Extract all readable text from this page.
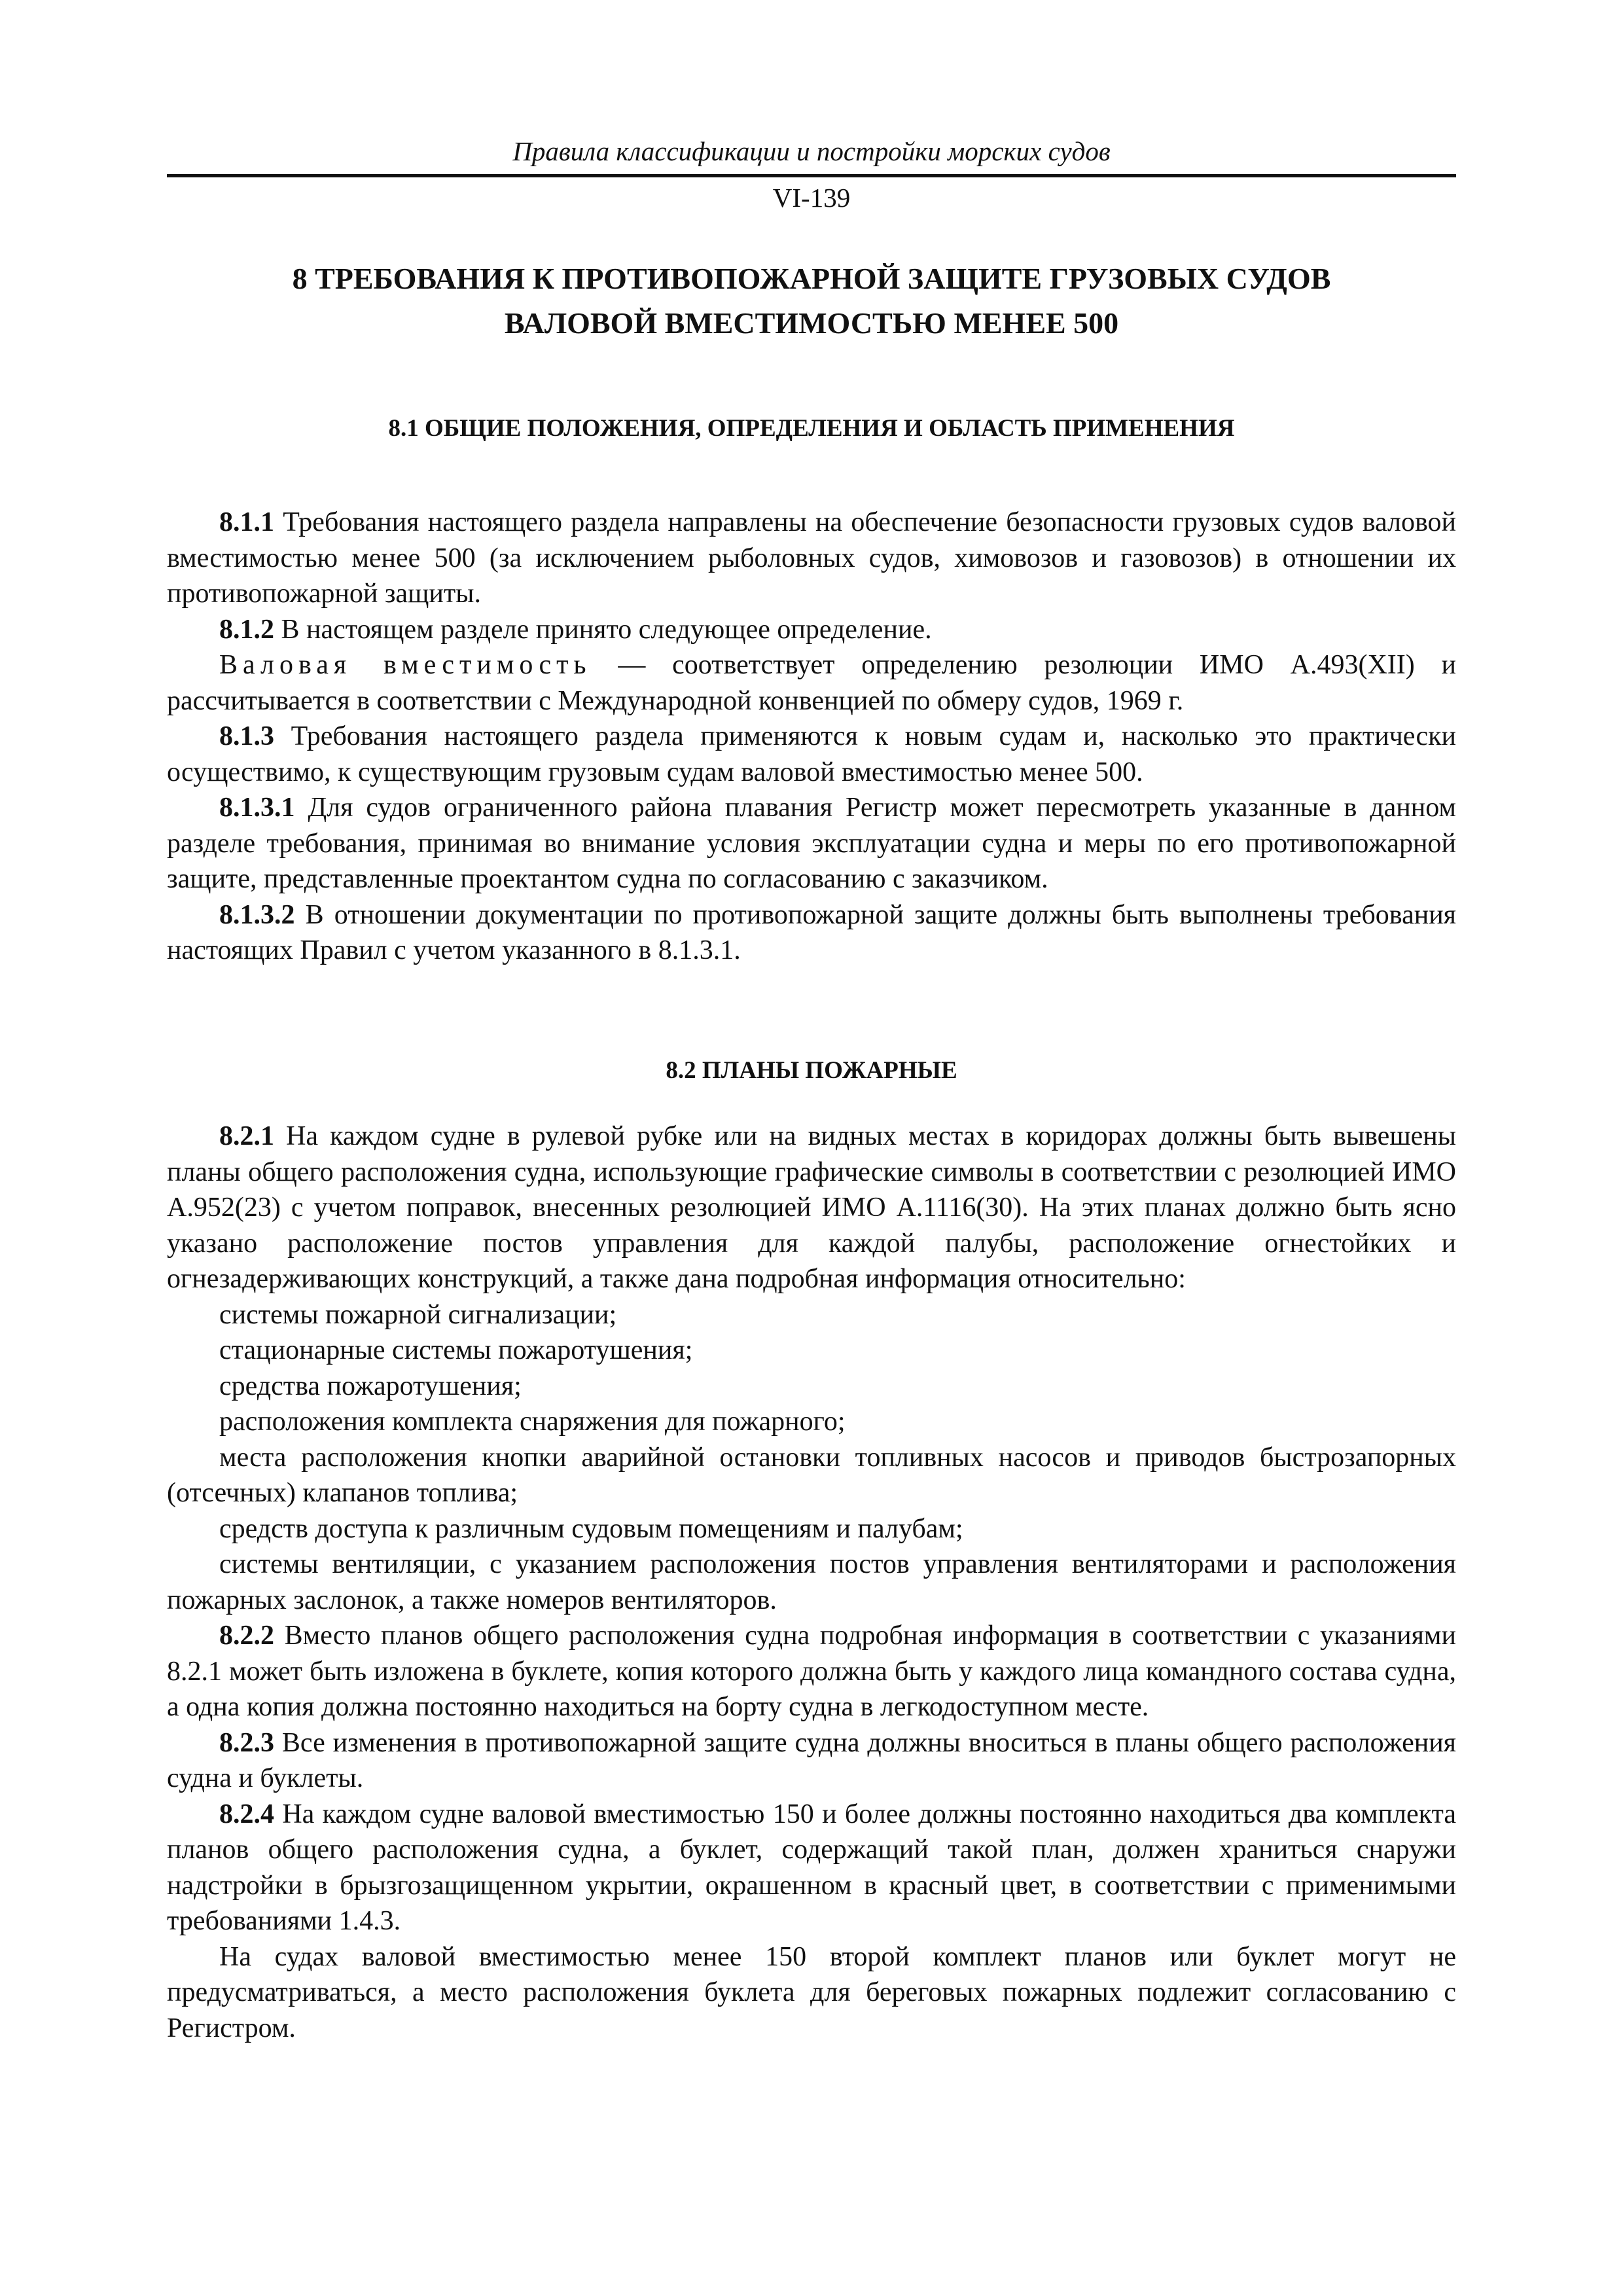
Правила классификации и постройки морских судов
VI-139
8 ТРЕБОВАНИЯ К ПРОТИВОПОЖАРНОЙ ЗАЩИТЕ ГРУЗОВЫХ СУДОВ
ВАЛОВОЙ ВМЕСТИМОСТЬЮ МЕНЕЕ 500
8.1 ОБЩИЕ ПОЛОЖЕНИЯ, ОПРЕДЕЛЕНИЯ И ОБЛАСТЬ ПРИМЕНЕНИЯ

8.1.1 Требования настоящего раздела направлены на обеспечение безопасности грузовых судов валовой вместимостью менее 500 (за исключением рыболовных судов, химовозов и газовозов) в отношении их противопожарной защиты.

8.1.2 В настоящем разделе принято следующее определение.

Валовая вместимость — соответствует определению резолюции ИМО А.493(XII) и рассчитывается в соответствии с Международной конвенцией по обмеру судов, 1969 г.

8.1.3 Требования настоящего раздела применяются к новым судам и, насколько это практически осуществимо, к существующим грузовым судам валовой вместимостью менее 500.

8.1.3.1 Для судов ограниченного района плавания Регистр может пересмотреть указанные в данном разделе требования, принимая во внимание условия эксплуатации судна и меры по его противопожарной защите, представленные проектантом судна по согласованию с заказчиком.

8.1.3.2 В отношении документации по противопожарной защите должны быть выполнены требования настоящих Правил с учетом указанного в 8.1.3.1.

8.2 ПЛАНЫ ПОЖАРНЫЕ

8.2.1 На каждом судне в рулевой рубке или на видных местах в коридорах должны быть вывешены планы общего расположения судна, использующие графические символы в соответствии с резолюцией ИМО А.952(23) с учетом поправок, внесенных резолюцией ИМО А.1116(30). На этих планах должно быть ясно указано расположение постов управления для каждой палубы, расположение огнестойких и огнезадерживающих конструкций, а также дана подробная информация относительно:

системы пожарной сигнализации;

стационарные системы пожаротушения;

средства пожаротушения;

расположения комплекта снаряжения для пожарного;

места расположения кнопки аварийной остановки топливных насосов и приводов быстрозапорных (отсечных) клапанов топлива;

средств доступа к различным судовым помещениям и палубам;

системы вентиляции, с указанием расположения постов управления вентиляторами и расположения пожарных заслонок, а также номеров вентиляторов.

8.2.2 Вместо планов общего расположения судна подробная информация в соответствии с указаниями 8.2.1 может быть изложена в буклете, копия которого должна быть у каждого лица командного состава судна, а одна копия должна постоянно находиться на борту судна в легкодоступном месте.

8.2.3 Все изменения в противопожарной защите судна должны вноситься в планы общего расположения судна и буклеты.

8.2.4 На каждом судне валовой вместимостью 150 и более должны постоянно находиться два комплекта планов общего расположения судна, а буклет, содержащий такой план, должен храниться снаружи надстройки в брызгозащищенном укрытии, окрашенном в красный цвет, в соответствии с применимыми требованиями 1.4.3.

На судах валовой вместимостью менее 150 второй комплект планов или буклет могут не предусматриваться, а место расположения буклета для береговых пожарных подлежит согласованию с Регистром.
